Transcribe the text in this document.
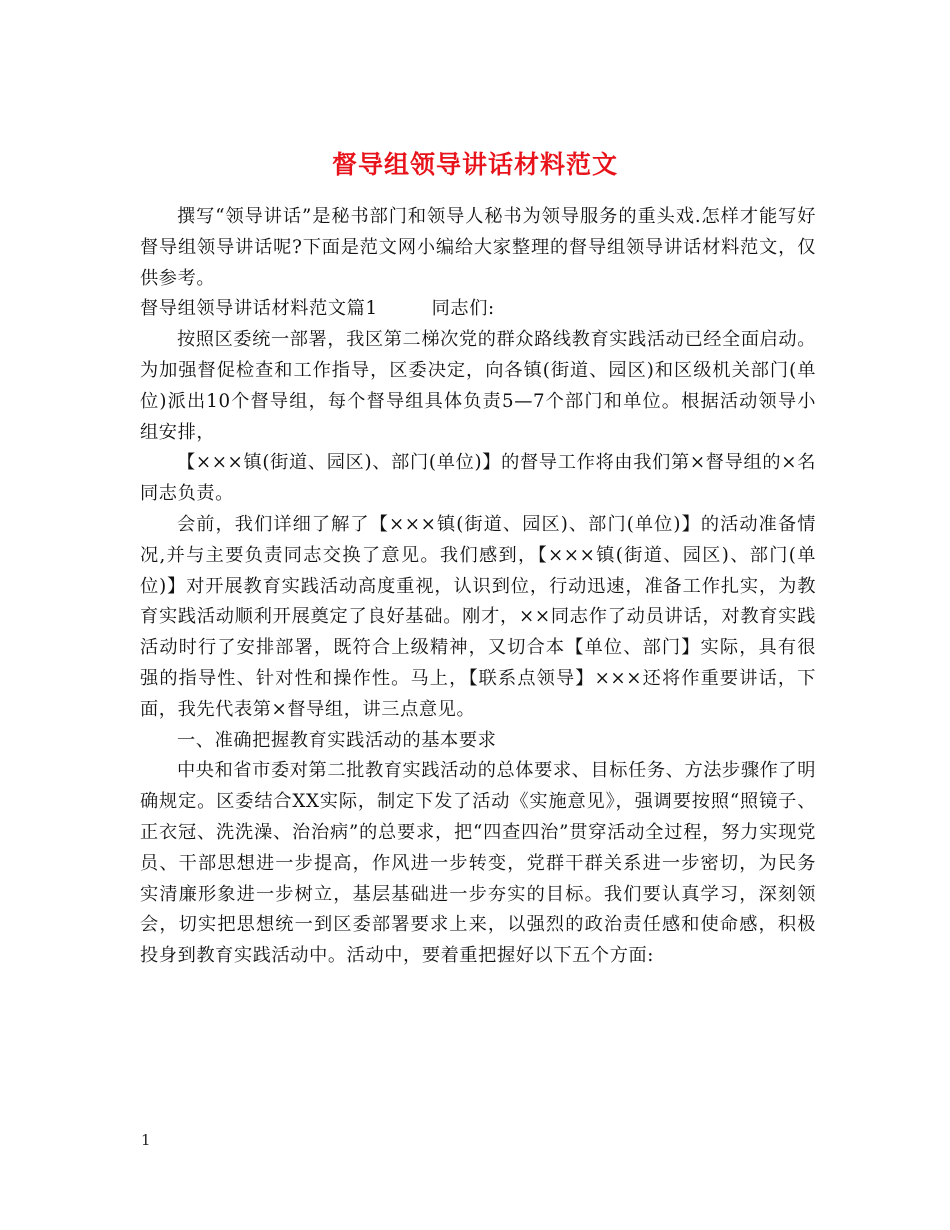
督导组领导讲话材料范文

撰写“领导讲话”是秘书部门和领导人秘书为领导服务的重头戏.怎样才能写好督导组领导讲话呢?下面是范文网小编给大家整理的督导组领导讲话材料范文，仅供参考。

督导组领导讲话材料范文篇1	同志们:

按照区委统一部署，我区第二梯次党的群众路线教育实践活动已经全面启动。为加强督促检查和工作指导，区委决定，向各镇(街道、园区)和区级机关部门(单位)派出10个督导组，每个督导组具体负责5—7个部门和单位。根据活动领导小组安排，

【×××镇(街道、园区)、部门(单位)】的督导工作将由我们第×督导组的×名同志负责。

会前，我们详细了解了【×××镇(街道、园区)、部门(单位)】的活动准备情况,并与主要负责同志交换了意见。我们感到，【×××镇(街道、园区)、部门(单位)】对开展教育实践活动高度重视，认识到位，行动迅速，准备工作扎实，为教育实践活动顺利开展奠定了良好基础。刚才，××同志作了动员讲话，对教育实践活动时行了安排部署，既符合上级精神，又切合本【单位、部门】实际，具有很强的指导性、针对性和操作性。马上，【联系点领导】×××还将作重要讲话，下面，我先代表第×督导组，讲三点意见。

一、准确把握教育实践活动的基本要求

中央和省市委对第二批教育实践活动的总体要求、目标任务、方法步骤作了明确规定。区委结合XX实际，制定下发了活动《实施意见》，强调要按照“照镜子、正衣冠、洗洗澡、治治病”的总要求，把“四查四治”贯穿活动全过程，努力实现党员、干部思想进一步提高，作风进一步转变，党群干群关系进一步密切，为民务实清廉形象进一步树立，基层基础进一步夯实的目标。我们要认真学习，深刻领会，切实把思想统一到区委部署要求上来，以强烈的政治责任感和使命感，积极投身到教育实践活动中。活动中，要着重把握好以下五个方面:

1
